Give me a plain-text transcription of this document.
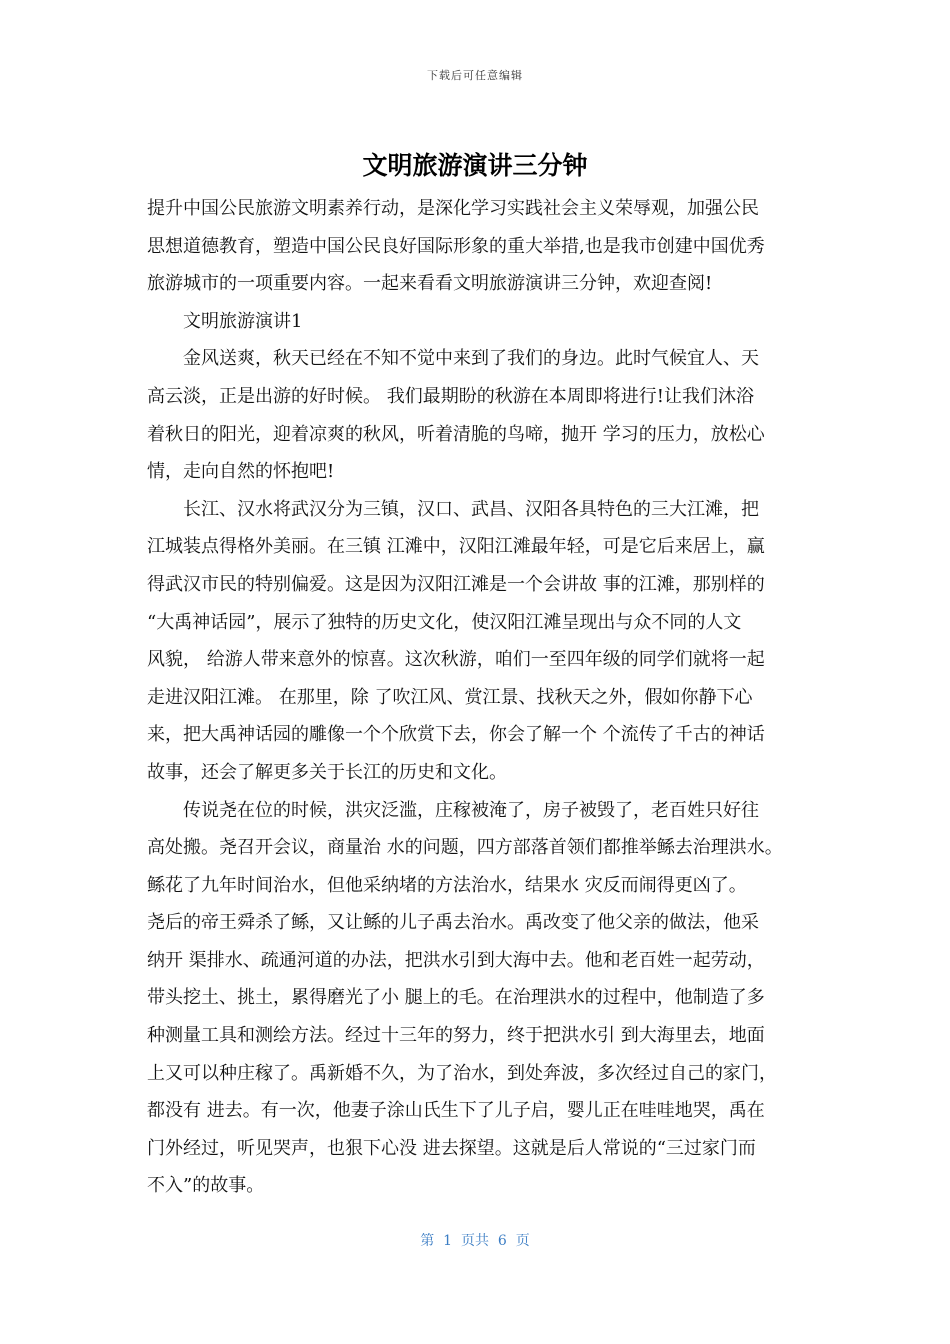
下载后可任意编辑
文明旅游演讲三分钟
提升中国公民旅游文明素养行动，是深化学习实践社会主义荣辱观，加强公民
思想道德教育，塑造中国公民良好国际形象的重大举措,也是我市创建中国优秀
旅游城市的一项重要内容。一起来看看文明旅游演讲三分钟，欢迎查阅!
　　文明旅游演讲1
　　金风送爽，秋天已经在不知不觉中来到了我们的身边。此时气候宜人、天
高云淡，正是出游的好时候。 我们最期盼的秋游在本周即将进行!让我们沐浴
着秋日的阳光，迎着凉爽的秋风，听着清脆的鸟啼，抛开 学习的压力，放松心
情，走向自然的怀抱吧!
　　长江、汉水将武汉分为三镇，汉口、武昌、汉阳各具特色的三大江滩，把
江城装点得格外美丽。在三镇 江滩中，汉阳江滩最年轻，可是它后来居上，赢
得武汉市民的特别偏爱。这是因为汉阳江滩是一个会讲故 事的江滩，那别样的
“大禹神话园”，展示了独特的历史文化，使汉阳江滩呈现出与众不同的人文
风貌， 给游人带来意外的惊喜。这次秋游，咱们一至四年级的同学们就将一起
走进汉阳江滩。 在那里，除 了吹江风、赏江景、找秋天之外，假如你静下心
来，把大禹神话园的雕像一个个欣赏下去，你会了解一个 个流传了千古的神话
故事，还会了解更多关于长江的历史和文化。
　　传说尧在位的时候，洪灾泛滥，庄稼被淹了，房子被毁了，老百姓只好往
高处搬。尧召开会议，商量治 水的问题，四方部落首领们都推举鲧去治理洪水。
鲧花了九年时间治水，但他采纳堵的方法治水，结果水 灾反而闹得更凶了。
尧后的帝王舜杀了鲧，又让鲧的儿子禹去治水。禹改变了他父亲的做法，他采
纳开 渠排水、疏通河道的办法，把洪水引到大海中去。他和老百姓一起劳动，
带头挖土、挑土，累得磨光了小 腿上的毛。在治理洪水的过程中，他制造了多
种测量工具和测绘方法。经过十三年的努力，终于把洪水引 到大海里去，地面
上又可以种庄稼了。禹新婚不久，为了治水，到处奔波，多次经过自己的家门，
都没有 进去。有一次，他妻子涂山氏生下了儿子启，婴儿正在哇哇地哭，禹在
门外经过，听见哭声，也狠下心没 进去探望。这就是后人常说的“三过家门而
不入”的故事。
第  1  页共  6  页
